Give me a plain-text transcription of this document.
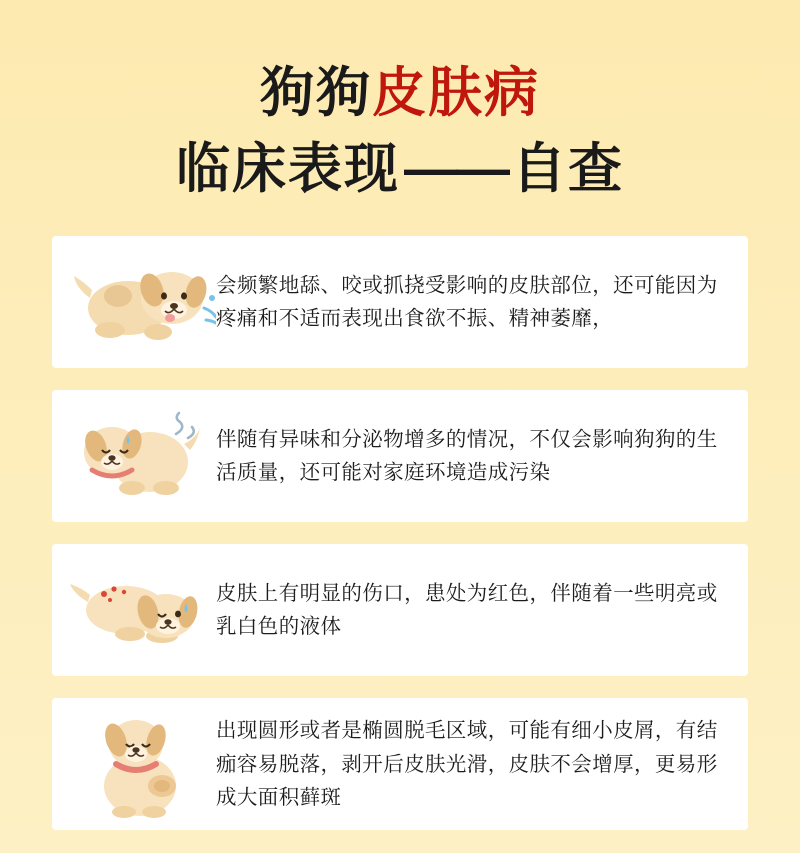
狗狗皮肤病
临床表现——自查
会频繁地舔、咬或抓挠受影响的皮肤部位，还可能因为疼痛和不适而表现出食欲不振、精神萎靡，
伴随有异味和分泌物增多的情况，不仅会影响狗狗的生活质量，还可能对家庭环境造成污染
皮肤上有明显的伤口，患处为红色，伴随着一些明亮或乳白色的液体
出现圆形或者是椭圆脱毛区域，可能有细小皮屑，有结痂容易脱落，剥开后皮肤光滑，皮肤不会增厚，更易形成大面积藓斑
